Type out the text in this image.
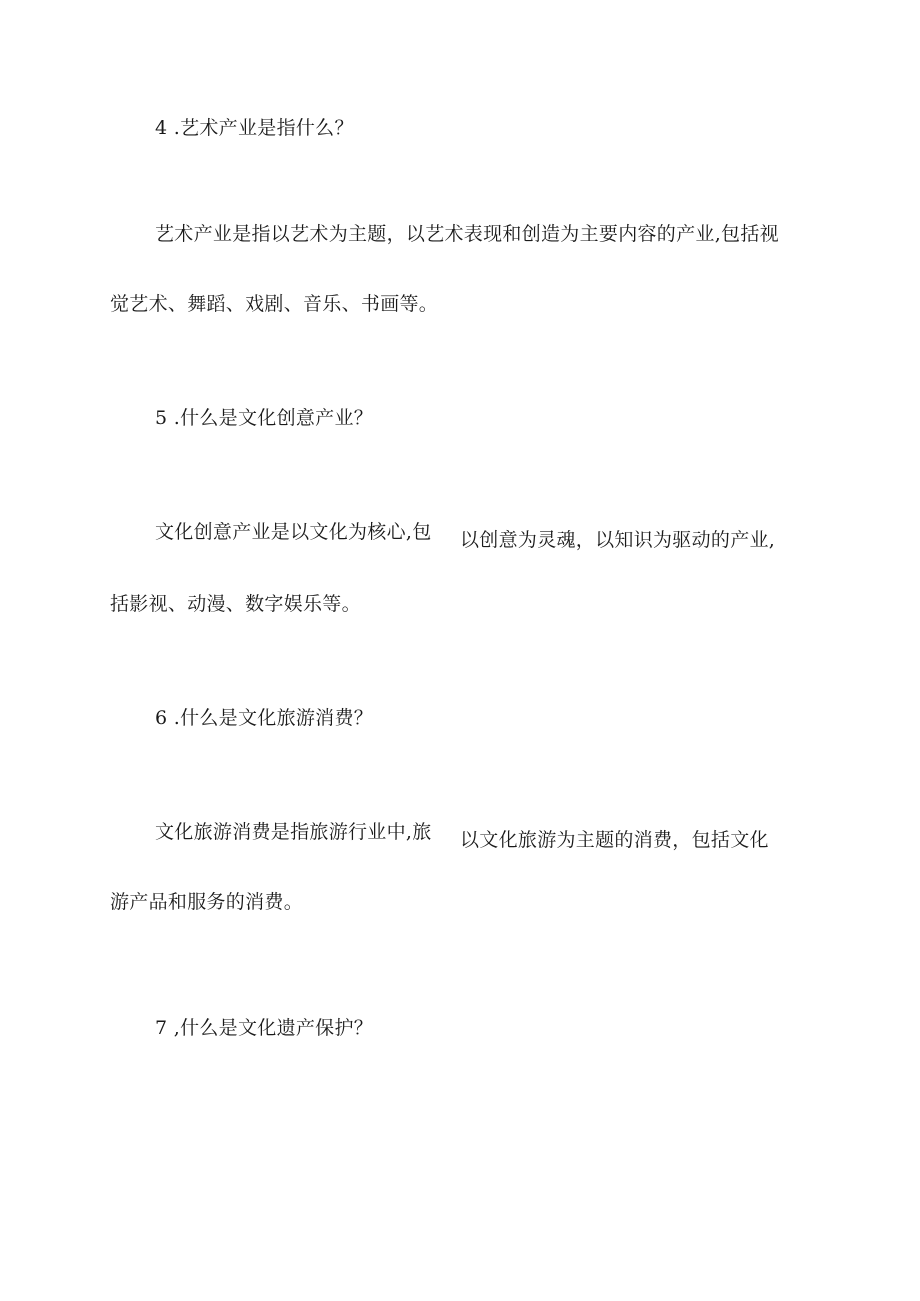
4 .艺术产业是指什么？
艺术产业是指以艺术为主题，以艺术表现和创造为主要内容的产业,包括视
觉艺术、舞蹈、戏剧、音乐、书画等。
5 .什么是文化创意产业？
文化创意产业是以文化为核心,包 以创意为灵魂，以知识为驱动的产业,
括影视、动漫、数字娱乐等。
6 .什么是文化旅游消费？
文化旅游消费是指旅游行业中,旅 以文化旅游为主题的消费，包括文化
游产品和服务的消费。
7 ,什么是文化遗产保护？
